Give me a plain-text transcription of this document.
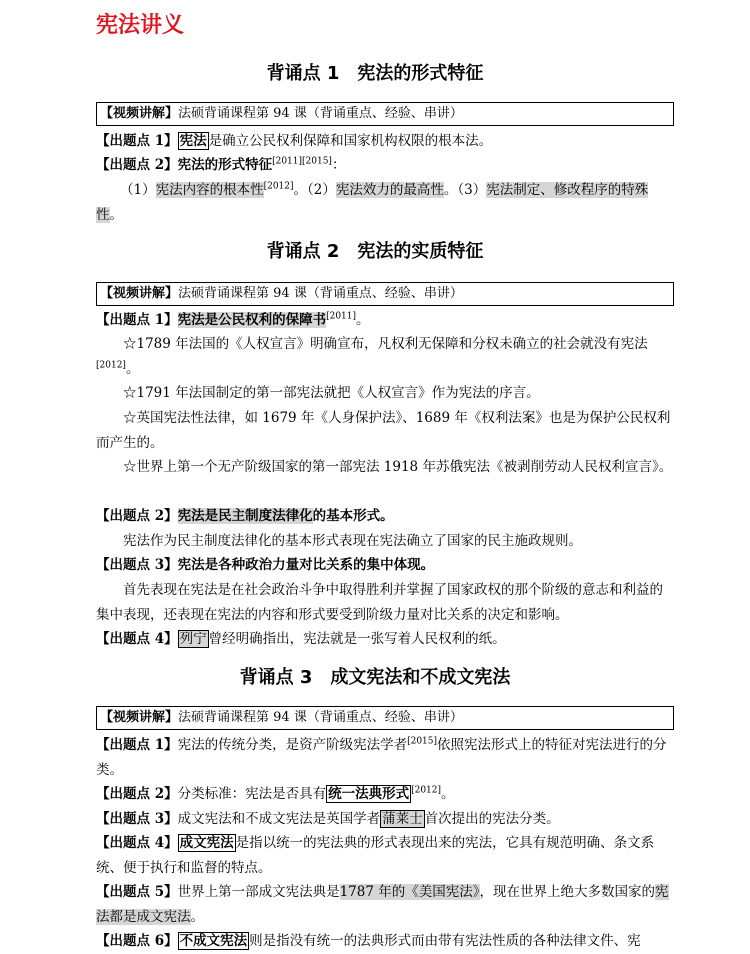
宪法讲义
背诵点 1　宪法的形式特征
【视频讲解】法硕背诵课程第 94 课（背诵重点、经验、串讲）

【出题点 1】 宪法 是确立公民权利保障和国家机构权限的根本法。

【出题点 2】宪法的形式特征[2011][2015]：

（1）宪法内容的根本性[2012]。（2）宪法效力的最高性。（3）宪法制定、修改程序的特殊性。

背诵点 2　宪法的实质特征
【视频讲解】法硕背诵课程第 94 课（背诵重点、经验、串讲）

【出题点 1】宪法是公民权利的保障书[2011]。

☆1789 年法国的《人权宣言》明确宣布，凡权利无保障和分权未确立的社会就没有宪法[2012]。

☆1791 年法国制定的第一部宪法就把《人权宣言》作为宪法的序言。

☆英国宪法性法律，如 1679 年《人身保护法》、1689 年《权利法案》也是为保护公民权利而产生的。

☆世界上第一个无产阶级国家的第一部宪法 1918 年苏俄宪法《被剥削劳动人民权利宣言》。

【出题点 2】宪法是民主制度法律化的基本形式。

宪法作为民主制度法律化的基本形式表现在宪法确立了国家的民主施政规则。

【出题点 3】宪法是各种政治力量对比关系的集中体现。

首先表现在宪法是在社会政治斗争中取得胜利并掌握了国家政权的那个阶级的意志和利益的集中表现，还表现在宪法的内容和形式要受到阶级力量对比关系的决定和影响。

【出题点 4】 列宁 曾经明确指出，宪法就是一张写着人民权利的纸。

背诵点 3　成文宪法和不成文宪法
【视频讲解】法硕背诵课程第 94 课（背诵重点、经验、串讲）

【出题点 1】宪法的传统分类，是资产阶级宪法学者[2015]依照宪法形式上的特征对宪法进行的分类。

【出题点 2】分类标准：宪法是否具有 统一法典形式 [2012]。

【出题点 3】成文宪法和不成文宪法是英国学者 蒲莱士 首次提出的宪法分类。

【出题点 4】 成文宪法 是指以统一的宪法典的形式表现出来的宪法，它具有规范明确、条文系统、便于执行和监督的特点。

【出题点 5】世界上第一部成文宪法典是1787 年的《美国宪法》，现在世界上绝大多数国家的宪法都是成文宪法。

【出题点 6】 不成文宪法 则是指没有统一的法典形式而由带有宪法性质的各种法律文件、宪
